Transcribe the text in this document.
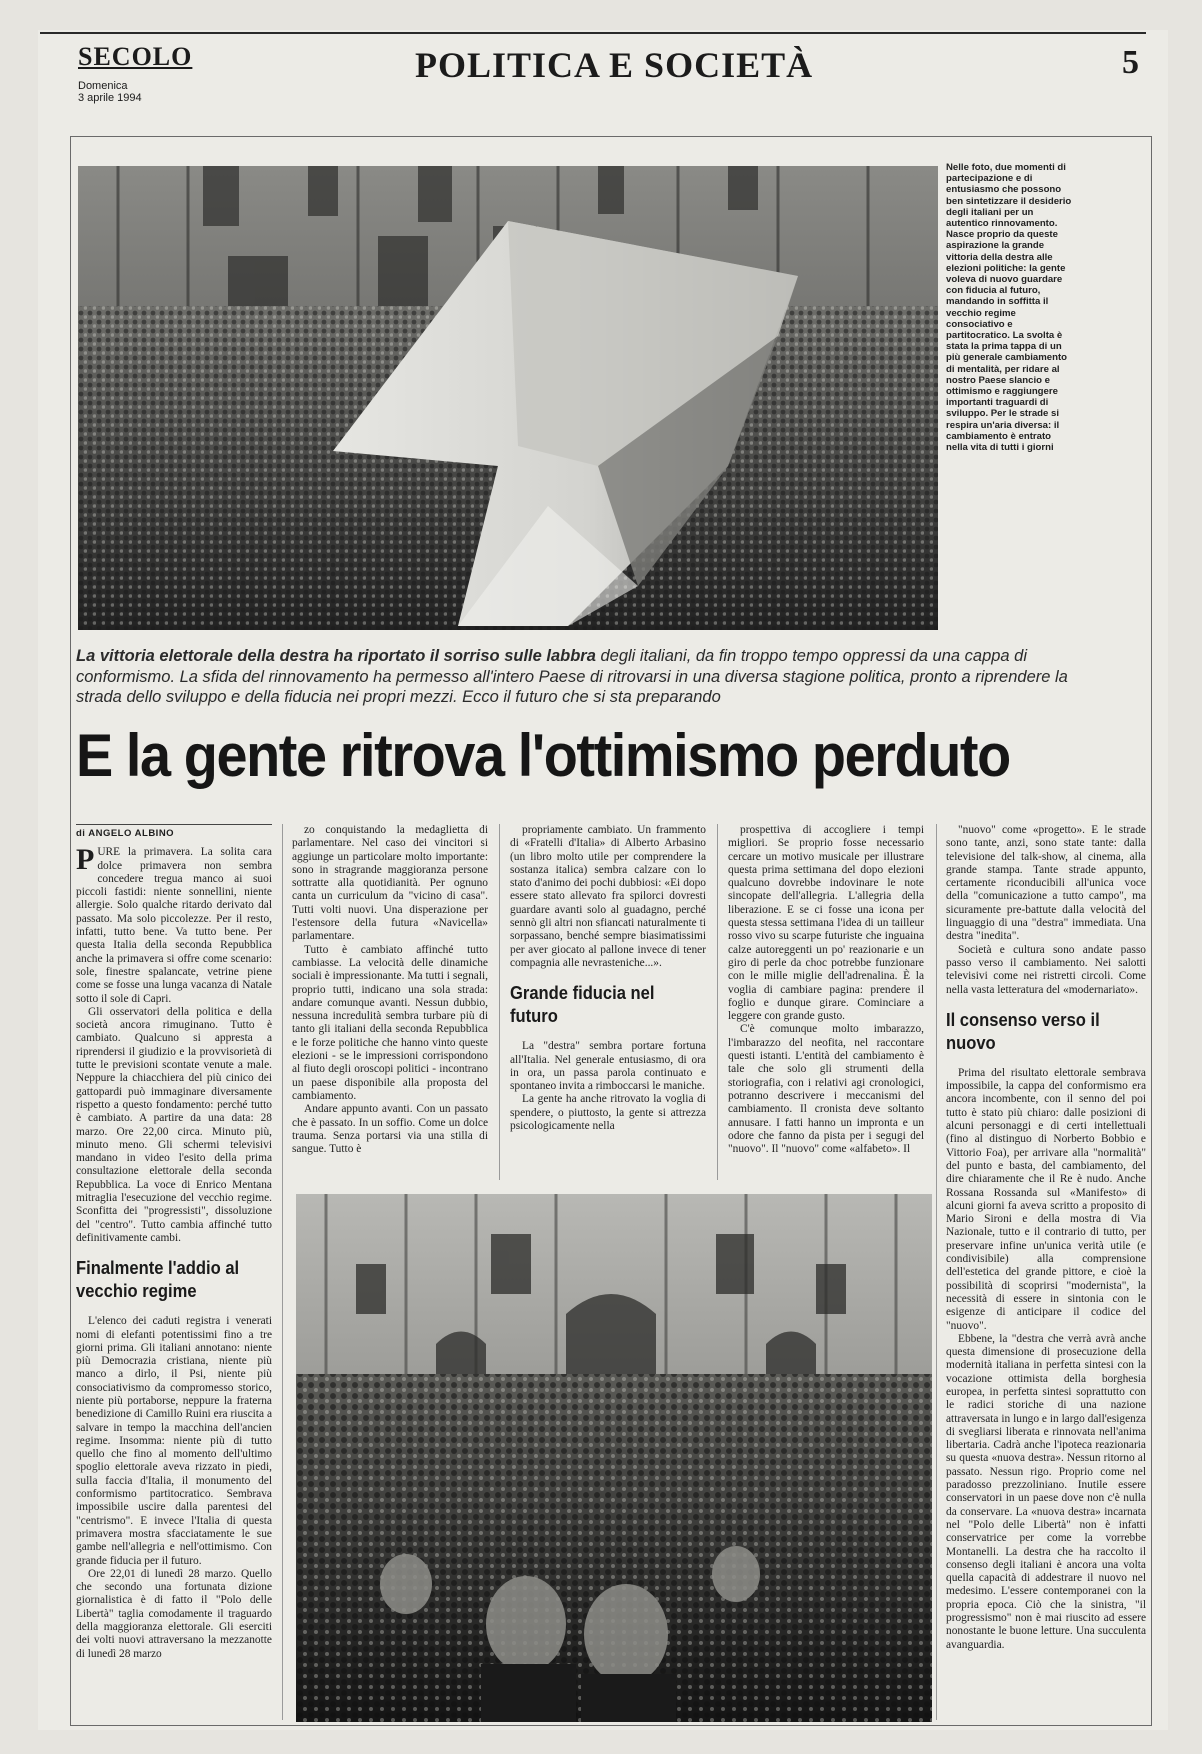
SECOLO
Domenica
3 aprile 1994
POLITICA E SOCIETÀ	5
Nelle foto, due momenti di partecipazione e di entusiasmo che possono ben sintetizzare il desiderio degli italiani per un autentico rinnovamento. Nasce proprio da queste aspirazione la grande vittoria della destra alle elezioni politiche: la gente voleva di nuovo guardare con fiducia al futuro, mandando in soffitta il vecchio regime consociativo e partitocratico. La svolta è stata la prima tappa di un più generale cambiamento di mentalità, per ridare al nostro Paese slancio e ottimismo e raggiungere importanti traguardi di sviluppo. Per le strade si respira un'aria diversa: il cambiamento è entrato nella vita di tutti i giorni
La vittoria elettorale della destra ha riportato il sorriso sulle labbra degli italiani, da fin troppo tempo oppressi da una cappa di conformismo. La sfida del rinnovamento ha permesso all'intero Paese di ritrovarsi in una diversa stagione politica, pronto a riprendere la strada dello sviluppo e della fiducia nei propri mezzi. Ecco il futuro che si sta preparando
E la gente ritrova l'ottimismo perduto

di ANGELO ALBINO

PURE la primavera. La solita cara dolce primavera non sembra concedere tregua manco ai suoi piccoli fastidi: niente sonnellini, niente allergie. Solo qualche ritardo derivato dal passato. Ma solo piccolezze. Per il resto, infatti, tutto bene. Va tutto bene. Per questa Italia della seconda Repubblica anche la primavera si offre come scenario: sole, finestre spalancate, vetrine piene come se fosse una lunga vacanza di Natale sotto il sole di Capri.

Gli osservatori della politica e della società ancora rimuginano. Tutto è cambiato. Qualcuno si appresta a riprendersi il giudizio e la provvisorietà di tutte le previsioni scontate venute a male. Neppure la chiacchiera del più cinico dei gattopardi può immaginare diversamente rispetto a questo fondamento: perché tutto è cambiato. A partire da una data: 28 marzo. Ore 22,00 circa. Minuto più, minuto meno. Gli schermi televisivi mandano in video l'esito della prima consultazione elettorale della seconda Repubblica. La voce di Enrico Mentana mitraglia l'esecuzione del vecchio regime. Sconfitta dei "progressisti", dissoluzione del "centro". Tutto cambia affinché tutto definitivamente cambi.

Finalmente l'addio al vecchio regime

L'elenco dei caduti registra i venerati nomi di elefanti potentissimi fino a tre giorni prima. Gli italiani annotano: niente più Democrazia cristiana, niente più manco a dirlo, il Psi, niente più consociativismo da compromesso storico, niente più portaborse, neppure la fraterna benedizione di Camillo Ruini era riuscita a salvare in tempo la macchina dell'ancien regime. Insomma: niente più di tutto quello che fino al momento dell'ultimo spoglio elettorale aveva rizzato in piedi, sulla faccia d'Italia, il monumento del conformismo partitocratico. Sembrava impossibile uscire dalla parentesi del "centrismo". E invece l'Italia di questa primavera mostra sfacciatamente le sue gambe nell'allegria e nell'ottimismo. Con grande fiducia per il futuro.

Ore 22,01 di lunedì 28 marzo. Quello che secondo una fortunata dizione giornalistica è di fatto il "Polo delle Libertà" taglia comodamente il traguardo della maggioranza elettorale. Gli eserciti dei volti nuovi attraversano la mezzanotte di lunedì 28 marzo

zo conquistando la medaglietta di parlamentare. Nel caso dei vincitori si aggiunge un particolare molto importante: sono in stragrande maggioranza persone sottratte alla quotidianità. Per ognuno canta un curriculum da "vicino di casa". Tutti volti nuovi. Una disperazione per l'estensore della futura «Navicella» parlamentare.

Tutto è cambiato affinché tutto cambiasse. La velocità delle dinamiche sociali è impressionante. Ma tutti i segnali, proprio tutti, indicano una sola strada: andare comunque avanti. Nessun dubbio, nessuna incredulità sembra turbare più di tanto gli italiani della seconda Repubblica e le forze politiche che hanno vinto queste elezioni - se le impressioni corrispondono al fiuto degli oroscopi politici - incontrano un paese disponibile alla proposta del cambiamento.

Andare appunto avanti. Con un passato che è passato. In un soffio. Come un dolce trauma. Senza portarsi via una stilla di sangue. Tutto è

propriamente cambiato. Un frammento di «Fratelli d'Italia» di Alberto Arbasino (un libro molto utile per comprendere la sostanza italica) sembra calzare con lo stato d'animo dei pochi dubbiosi: «Ei dopo essere stato allevato fra spilorci dovresti guardare avanti solo al guadagno, perché sennò gli altri non sfiancati naturalmente ti sorpassano, benché sempre biasimatissimi per aver giocato al pallone invece di tener compagnia alle nevrasteniche...».

Grande fiducia nel futuro

La "destra" sembra portare fortuna all'Italia. Nel generale entusiasmo, di ora in ora, un passa parola continuato e spontaneo invita a rimboccarsi le maniche.

La gente ha anche ritrovato la voglia di spendere, o piuttosto, la gente si attrezza psicologicamente nella

prospettiva di accogliere i tempi migliori. Se proprio fosse necessario cercare un motivo musicale per illustrare questa prima settimana del dopo elezioni qualcuno dovrebbe indovinare le note sincopate dell'allegria. L'allegria della liberazione. E se ci fosse una icona per questa stessa settimana l'idea di un tailleur rosso vivo su scarpe futuriste che inguaina calze autoreggenti un po' reazionarie e un giro di perle da choc potrebbe funzionare con le mille miglie dell'adrenalina. È la voglia di cambiare pagina: prendere il foglio e dunque girare. Cominciare a leggere con grande gusto.

C'è comunque molto imbarazzo, l'imbarazzo del neofita, nel raccontare questi istanti. L'entità del cambiamento è tale che solo gli strumenti della storiografia, con i relativi agi cronologici, potranno descrivere i meccanismi del cambiamento. Il cronista deve soltanto annusare. I fatti hanno un impronta e un odore che fanno da pista per i segugi del "nuovo". Il "nuovo" come «alfabeto». Il

"nuovo" come «progetto». E le strade sono tante, anzi, sono state tante: dalla televisione del talk-show, al cinema, alla grande stampa. Tante strade appunto, certamente riconducibili all'unica voce della "comunicazione a tutto campo", ma sicuramente pre-battute dalla velocità del linguaggio di una "destra" immediata. Una destra "inedita".

Società e cultura sono andate passo passo verso il cambiamento. Nei salotti televisivi come nei ristretti circoli. Come nella vasta letteratura del «modernariato».

Il consenso verso il nuovo

Prima del risultato elettorale sembrava impossibile, la cappa del conformismo era ancora incombente, con il senno del poi tutto è stato più chiaro: dalle posizioni di alcuni personaggi e di certi intellettuali (fino al distinguo di Norberto Bobbio e Vittorio Foa), per arrivare alla "normalità" del punto e basta, del cambiamento, del dire chiaramente che il Re è nudo. Anche Rossana Rossanda sul «Manifesto» di alcuni giorni fa aveva scritto a proposito di Mario Sironi e della mostra di Via Nazionale, tutto e il contrario di tutto, per preservare infine un'unica verità utile (e condivisibile) alla comprensione dell'estetica del grande pittore, e cioè la possibilità di scoprirsi "modernista", la necessità di essere in sintonia con le esigenze di anticipare il codice del "nuovo".

Ebbene, la "destra che verrà avrà anche questa dimensione di prosecuzione della modernità italiana in perfetta sintesi con la vocazione ottimista della borghesia europea, in perfetta sintesi soprattutto con le radici storiche di una nazione attraversata in lungo e in largo dall'esigenza di svegliarsi liberata e rinnovata nell'anima libertaria. Cadrà anche l'ipoteca reazionaria su questa «nuova destra». Nessun ritorno al passato. Nessun rigo. Proprio come nel paradosso prezzoliniano. Inutile essere conservatori in un paese dove non c'è nulla da conservare. La «nuova destra» incarnata nel "Polo delle Libertà" non è infatti conservatrice per come la vorrebbe Montanelli. La destra che ha raccolto il consenso degli italiani è ancora una volta quella capacità di addestrare il nuovo nel medesimo. L'essere contemporanei con la propria epoca. Ciò che la sinistra, "il progressismo" non è mai riuscito ad essere nonostante le buone letture. Una succulenta avanguardia.
